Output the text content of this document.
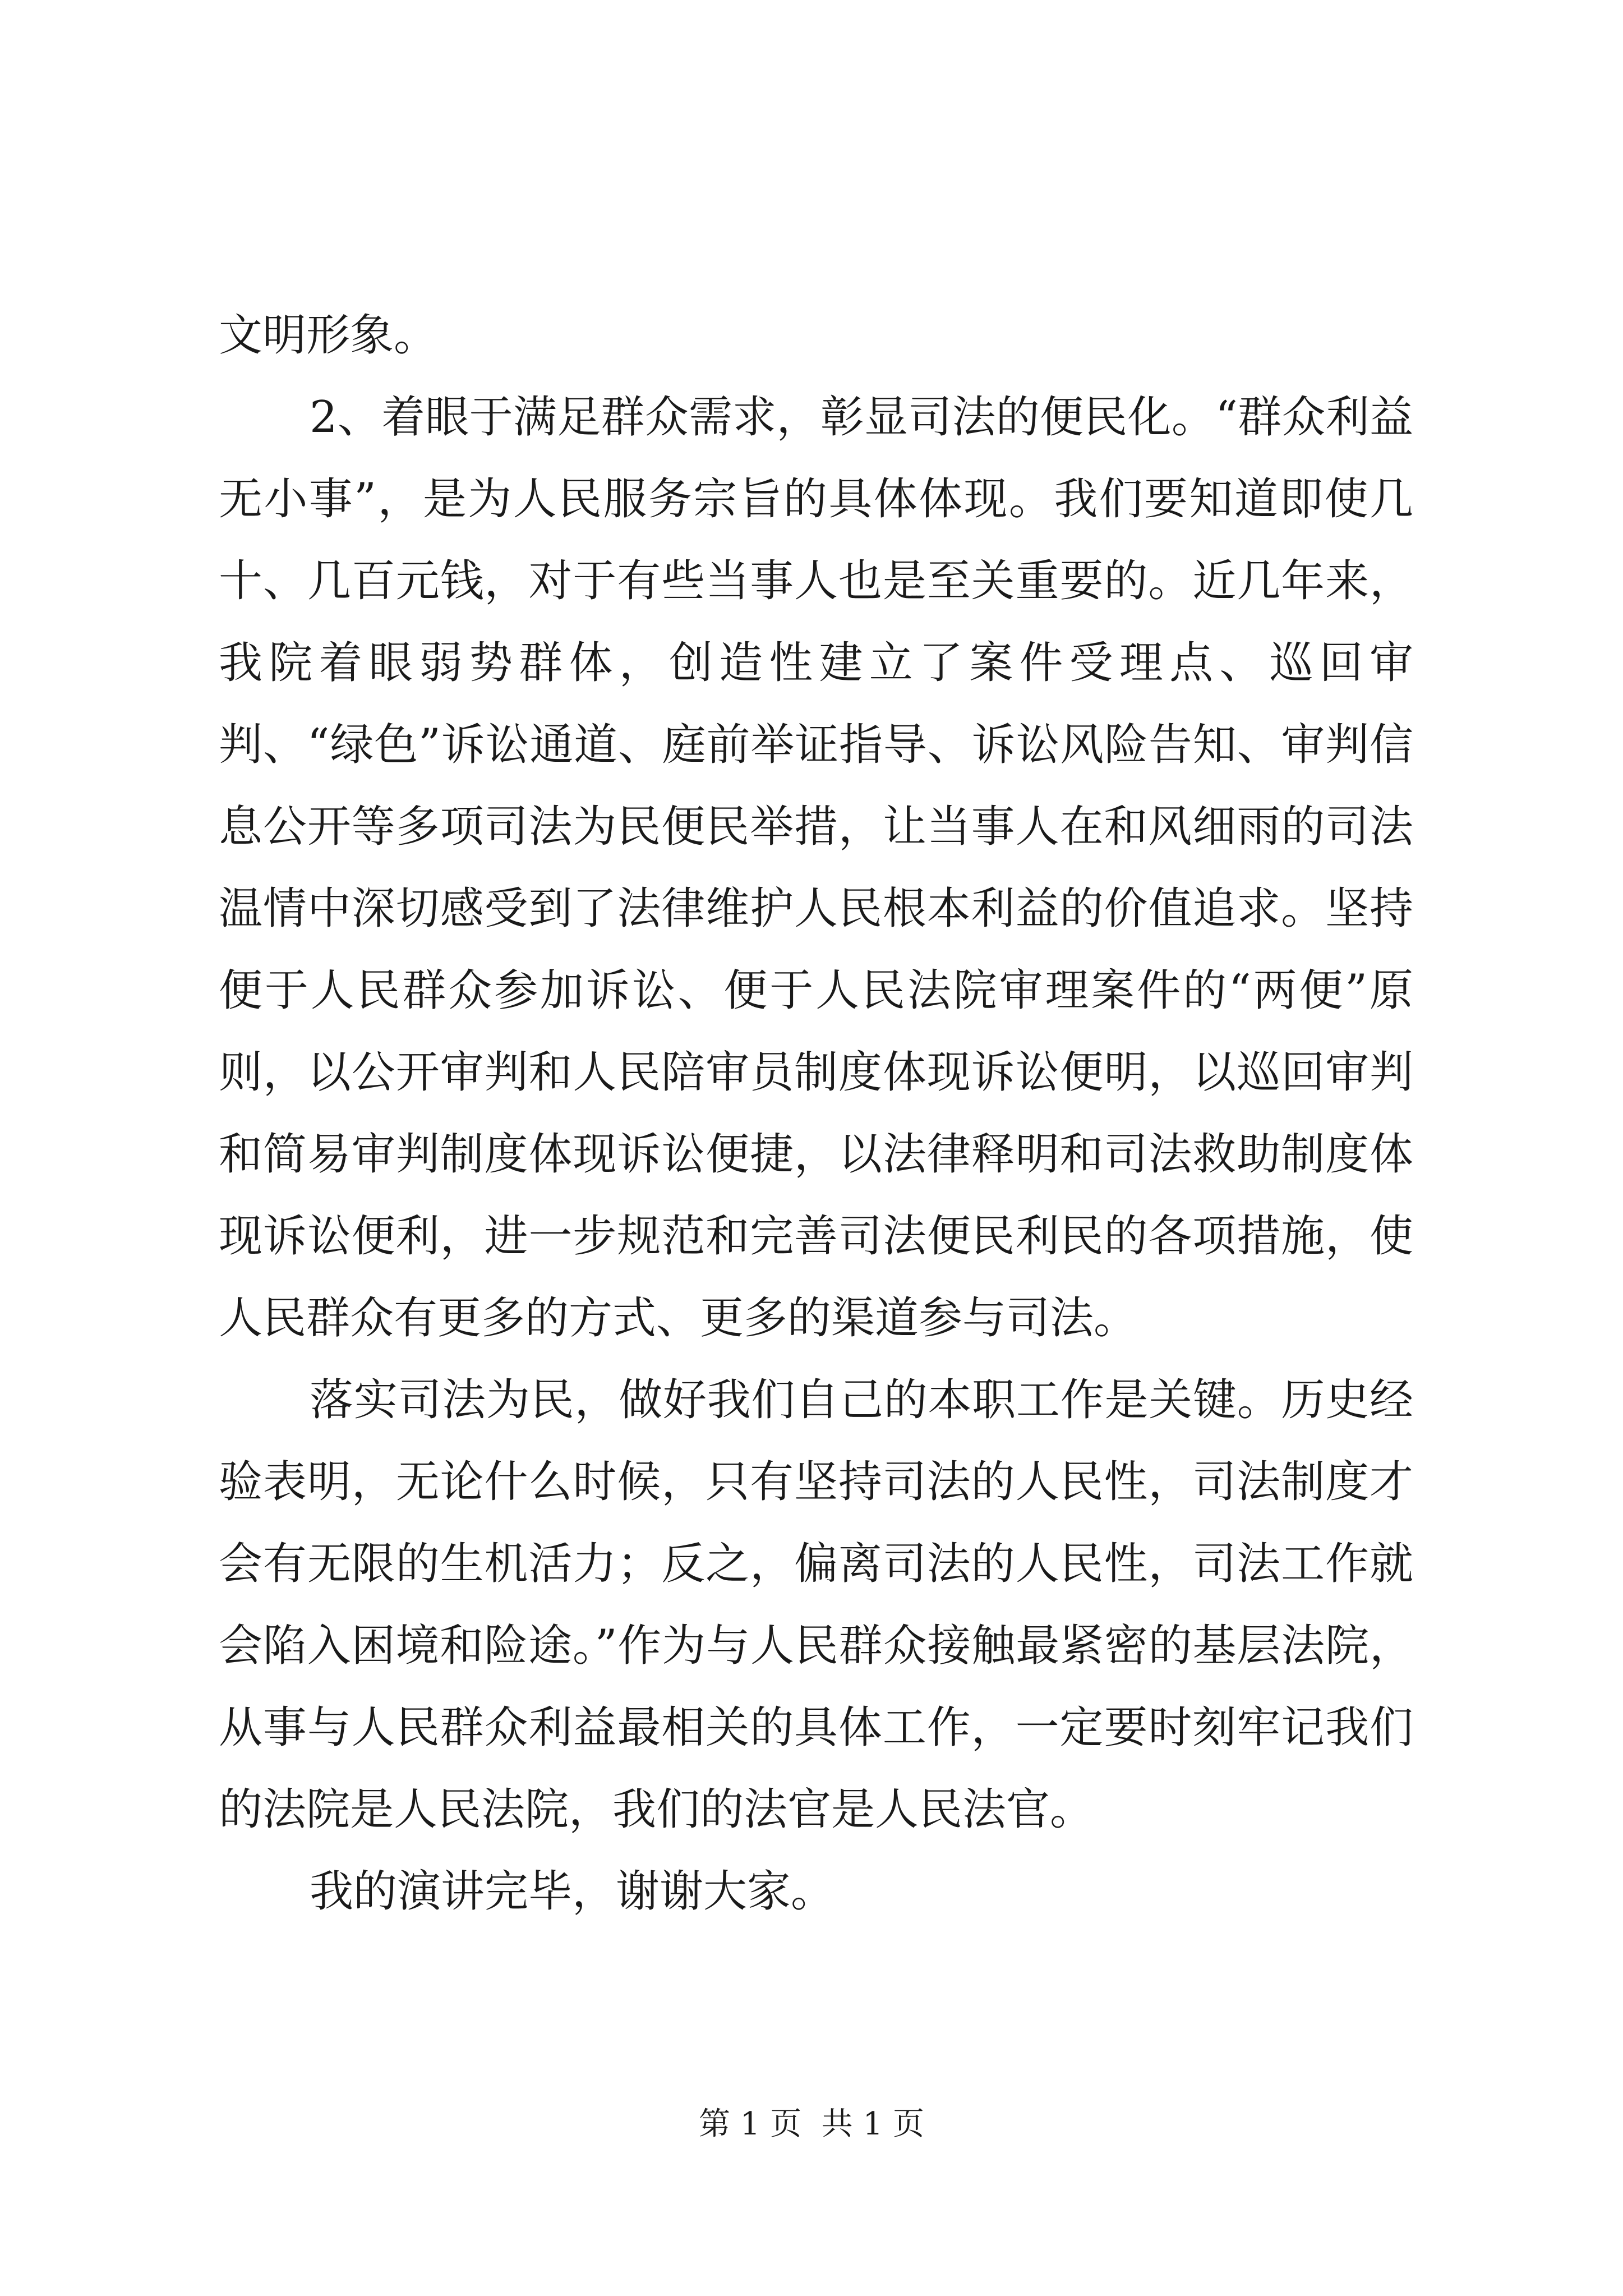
文明形象。

2、着眼于满足群众需求，彰显司法的便民化。“群众利益无小事”，是为人民服务宗旨的具体体现。我们要知道即使几十、几百元钱，对于有些当事人也是至关重要的。近几年来，我院着眼弱势群体，创造性建立了案件受理点、巡回审判、“绿色”诉讼通道、庭前举证指导、诉讼风险告知、审判信息公开等多项司法为民便民举措，让当事人在和风细雨的司法温情中深切感受到了法律维护人民根本利益的价值追求。坚持便于人民群众参加诉讼、便于人民法院审理案件的“两便”原则，以公开审判和人民陪审员制度体现诉讼便明，以巡回审判和简易审判制度体现诉讼便捷，以法律释明和司法救助制度体现诉讼便利，进一步规范和完善司法便民利民的各项措施，使人民群众有更多的方式、更多的渠道参与司法。

落实司法为民，做好我们自己的本职工作是关键。历史经验表明，无论什么时候，只有坚持司法的人民性，司法制度才会有无限的生机活力；反之，偏离司法的人民性，司法工作就会陷入困境和险途。”作为与人民群众接触最紧密的基层法院，从事与人民群众利益最相关的具体工作，一定要时刻牢记我们的法院是人民法院，我们的法官是人民法官。

我的演讲完毕，谢谢大家。

第 1 页  共 1 页
